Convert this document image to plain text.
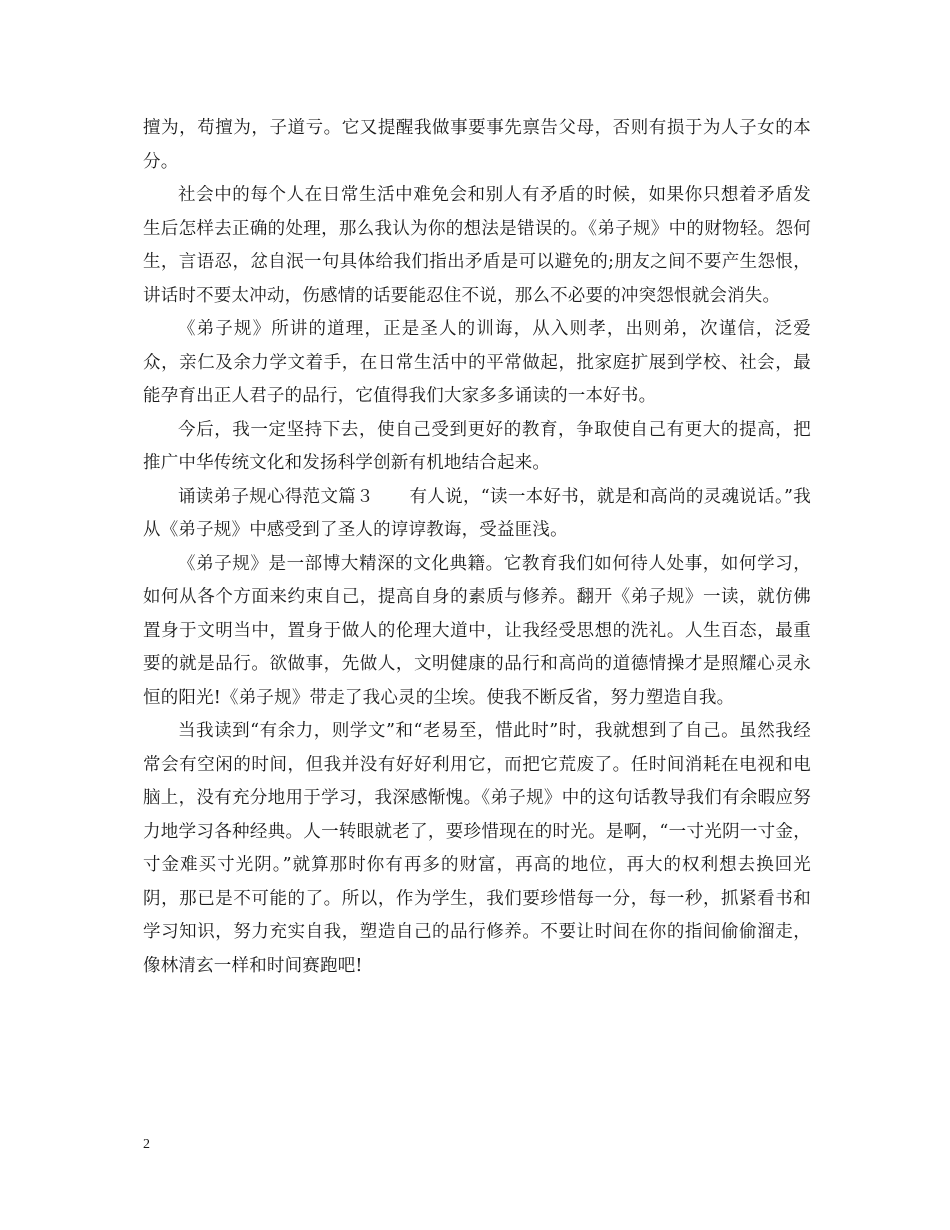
擅为，苟擅为，子道亏。它又提醒我做事要事先禀告父母，否则有损于为人子女的本分。

社会中的每个人在日常生活中难免会和别人有矛盾的时候，如果你只想着矛盾发生后怎样去正确的处理，那么我认为你的想法是错误的。《弟子规》中的财物轻。怨何生，言语忍，忿自泯一句具体给我们指出矛盾是可以避免的;朋友之间不要产生怨恨，讲话时不要太冲动，伤感情的话要能忍住不说，那么不必要的冲突怨恨就会消失。

《弟子规》所讲的道理，正是圣人的训诲，从入则孝，出则弟，次谨信，泛爱众，亲仁及余力学文着手，在日常生活中的平常做起，批家庭扩展到学校、社会，最能孕育出正人君子的品行，它值得我们大家多多诵读的一本好书。

今后，我一定坚持下去，使自己受到更好的教育，争取使自己有更大的提高，把推广中华传统文化和发扬科学创新有机地结合起来。

诵读弟子规心得范文篇３　　有人说，“读一本好书，就是和高尚的灵魂说话。”我从《弟子规》中感受到了圣人的谆谆教诲，受益匪浅。

《弟子规》是一部博大精深的文化典籍。它教育我们如何待人处事，如何学习，如何从各个方面来约束自己，提高自身的素质与修养。翻开《弟子规》一读，就仿佛置身于文明当中，置身于做人的伦理大道中，让我经受思想的洗礼。人生百态，最重要的就是品行。欲做事，先做人，文明健康的品行和高尚的道德情操才是照耀心灵永恒的阳光!《弟子规》带走了我心灵的尘埃。使我不断反省，努力塑造自我。

当我读到“有余力，则学文”和“老易至，惜此时”时，我就想到了自己。虽然我经常会有空闲的时间，但我并没有好好利用它，而把它荒废了。任时间消耗在电视和电脑上，没有充分地用于学习，我深感惭愧。《弟子规》中的这句话教导我们有余暇应努力地学习各种经典。人一转眼就老了，要珍惜现在的时光。是啊，“一寸光阴一寸金，寸金难买寸光阴。”就算那时你有再多的财富，再高的地位，再大的权利想去换回光阴，那已是不可能的了。所以，作为学生，我们要珍惜每一分，每一秒，抓紧看书和学习知识，努力充实自我，塑造自己的品行修养。不要让时间在你的指间偷偷溜走，像林清玄一样和时间赛跑吧!

2
